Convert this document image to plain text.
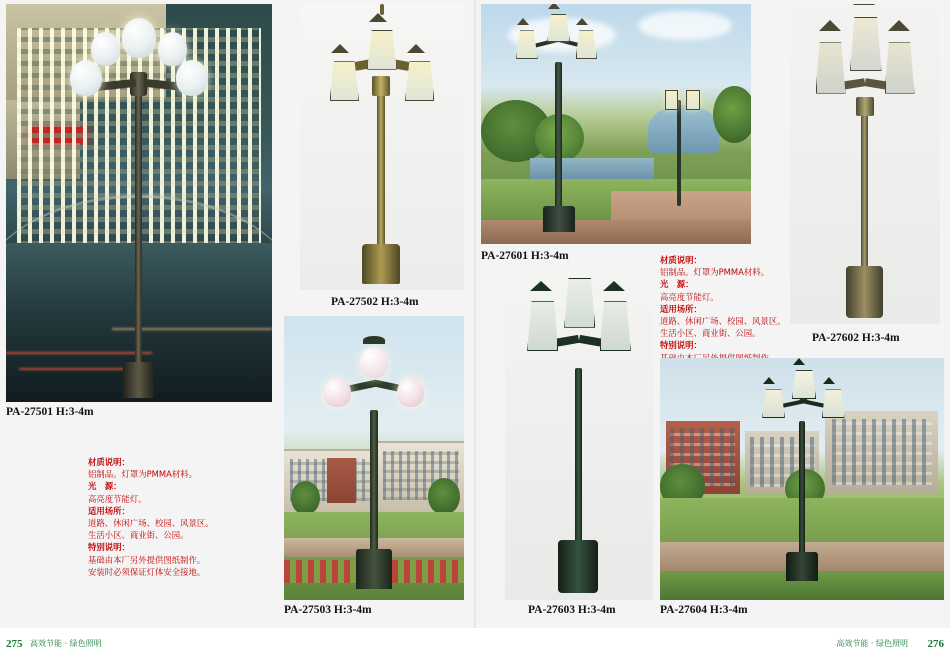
PA-27501 H:3-4m
材质说明：
铝制品。灯罩为PMMA材料。
光　源：
高亮度节能灯。
适用场所：
道路、休闲广场、校园、风景区。
生活小区、商业街、公园。
特别说明：
基础由本厂另外提供图纸制作。
安装时必须保证灯体安全接地。
PA-27502 H:3-4m
PA-27503 H:3-4m
PA-27601 H:3-4m
PA-27602 H:3-4m
材质说明：
铝制品。灯罩为PMMA材料。
光　源：
高亮度节能灯。
适用场所：
道路、休闲广场、校园、风景区。
生活小区、商业街、公园。
特别说明：
PA-27603 H:3-4m	PA-27604 H:3-4m
275 高效节能 · 绿色照明	高效节能 · 绿色照明 276
